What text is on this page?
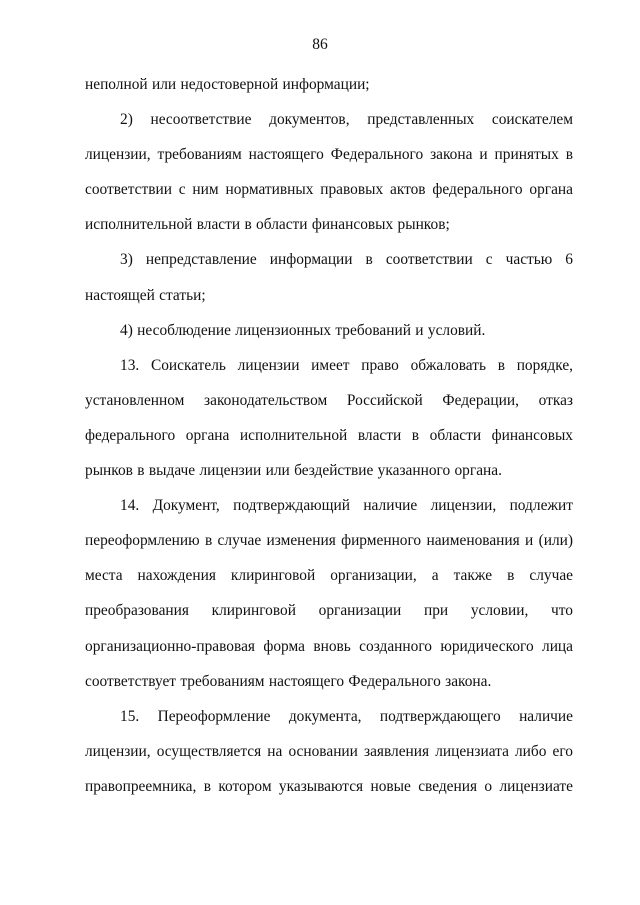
86

неполной или недостоверной информации;

2) несоответствие документов, представленных соискателем лицензии, требованиям настоящего Федерального закона и принятых в соответствии с ним нормативных правовых актов федерального органа исполнительной власти в области финансовых рынков;

3) непредставление информации в соответствии с частью 6 настоящей статьи;

4) несоблюдение лицензионных требований и условий.

13. Соискатель лицензии имеет право обжаловать в порядке, установленном законодательством Российской Федерации, отказ федерального органа исполнительной власти в области финансовых рынков в выдаче лицензии или бездействие указанного органа.

14. Документ, подтверждающий наличие лицензии, подлежит переоформлению в случае изменения фирменного наименования и (или) места нахождения клиринговой организации, а также в случае преобразования клиринговой организации при условии, что организационно-правовая форма вновь созданного юридического лица соответствует требованиям настоящего Федерального закона.

15. Переоформление документа, подтверждающего наличие лицензии, осуществляется на основании заявления лицензиата либо его правопреемника, в котором указываются новые сведения о лицензиате
